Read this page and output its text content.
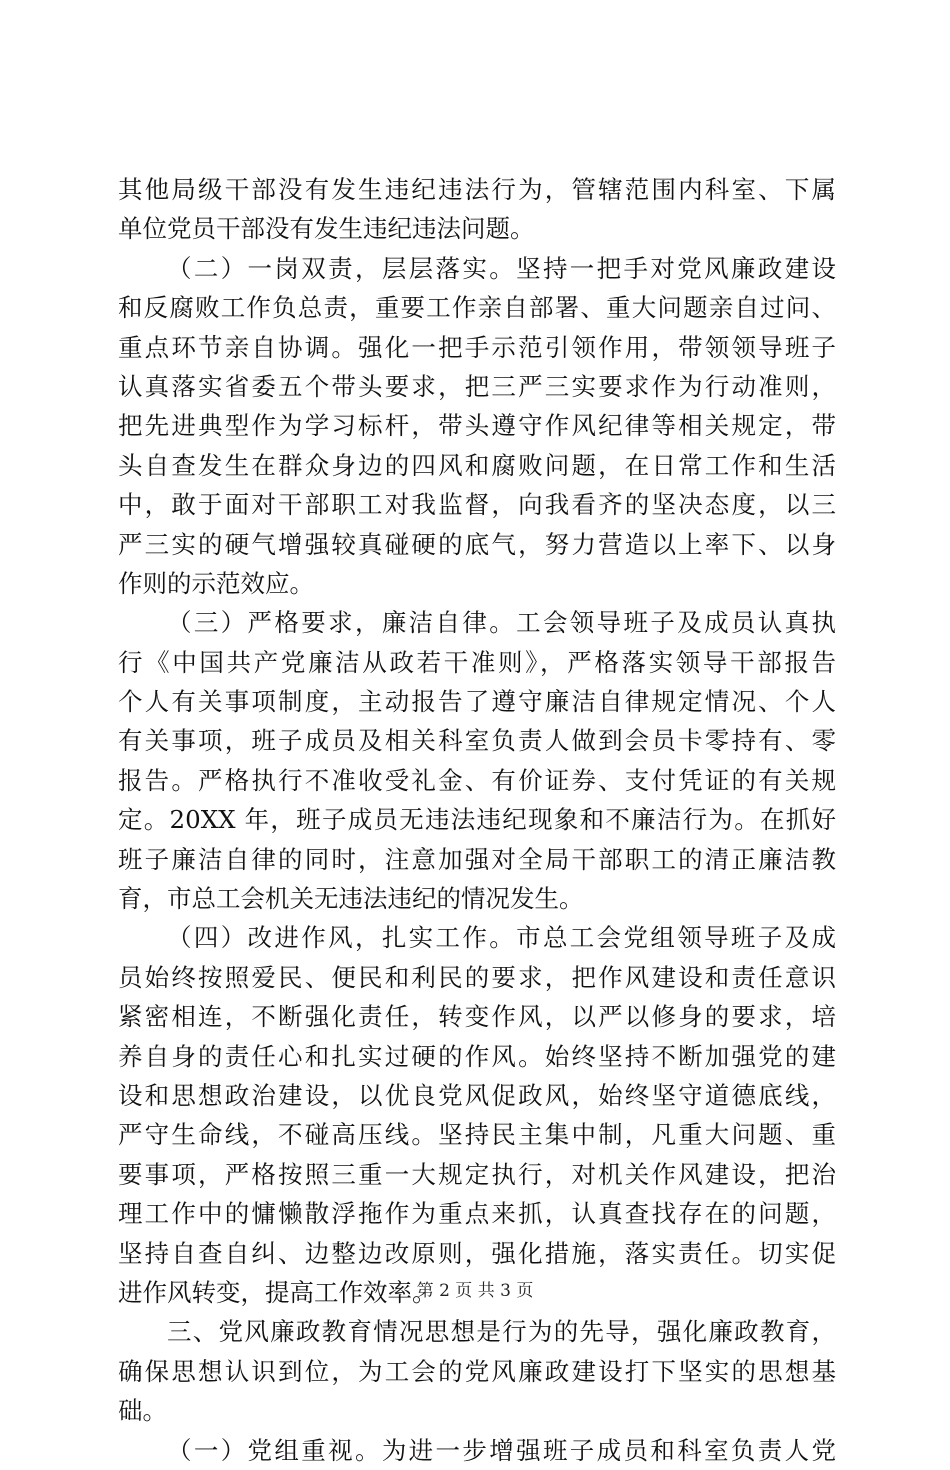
其他局级干部没有发生违纪违法行为，管辖范围内科室、下属
单位党员干部没有发生违纪违法问题。
（二）一岗双责，层层落实。坚持一把手对党风廉政建设
和反腐败工作负总责，重要工作亲自部署、重大问题亲自过问、
重点环节亲自协调。强化一把手示范引领作用，带领领导班子
认真落实省委五个带头要求，把三严三实要求作为行动准则，
把先进典型作为学习标杆，带头遵守作风纪律等相关规定，带
头自查发生在群众身边的四风和腐败问题，在日常工作和生活
中，敢于面对干部职工对我监督，向我看齐的坚决态度，以三
严三实的硬气增强较真碰硬的底气，努力营造以上率下、以身
作则的示范效应。
（三）严格要求，廉洁自律。工会领导班子及成员认真执
行《中国共产党廉洁从政若干准则》，严格落实领导干部报告
个人有关事项制度，主动报告了遵守廉洁自律规定情况、个人
有关事项，班子成员及相关科室负责人做到会员卡零持有、零
报告。严格执行不准收受礼金、有价证券、支付凭证的有关规
定。20XX 年，班子成员无违法违纪现象和不廉洁行为。在抓好
班子廉洁自律的同时，注意加强对全局干部职工的清正廉洁教
育，市总工会机关无违法违纪的情况发生。
（四）改进作风，扎实工作。市总工会党组领导班子及成
员始终按照爱民、便民和利民的要求，把作风建设和责任意识
紧密相连，不断强化责任，转变作风，以严以修身的要求，培
养自身的责任心和扎实过硬的作风。始终坚持不断加强党的建
设和思想政治建设，以优良党风促政风，始终坚守道德底线，
严守生命线，不碰高压线。坚持民主集中制，凡重大问题、重
要事项，严格按照三重一大规定执行，对机关作风建设，把治
理工作中的慵懒散浮拖作为重点来抓，认真查找存在的问题，
坚持自查自纠、边整边改原则，强化措施，落实责任。切实促
进作风转变，提高工作效率。
三、党风廉政教育情况思想是行为的先导，强化廉政教育，
确保思想认识到位，为工会的党风廉政建设打下坚实的思想基
础。
（一）党组重视。为进一步增强班子成员和科室负责人党
第 2 页 共 3 页
